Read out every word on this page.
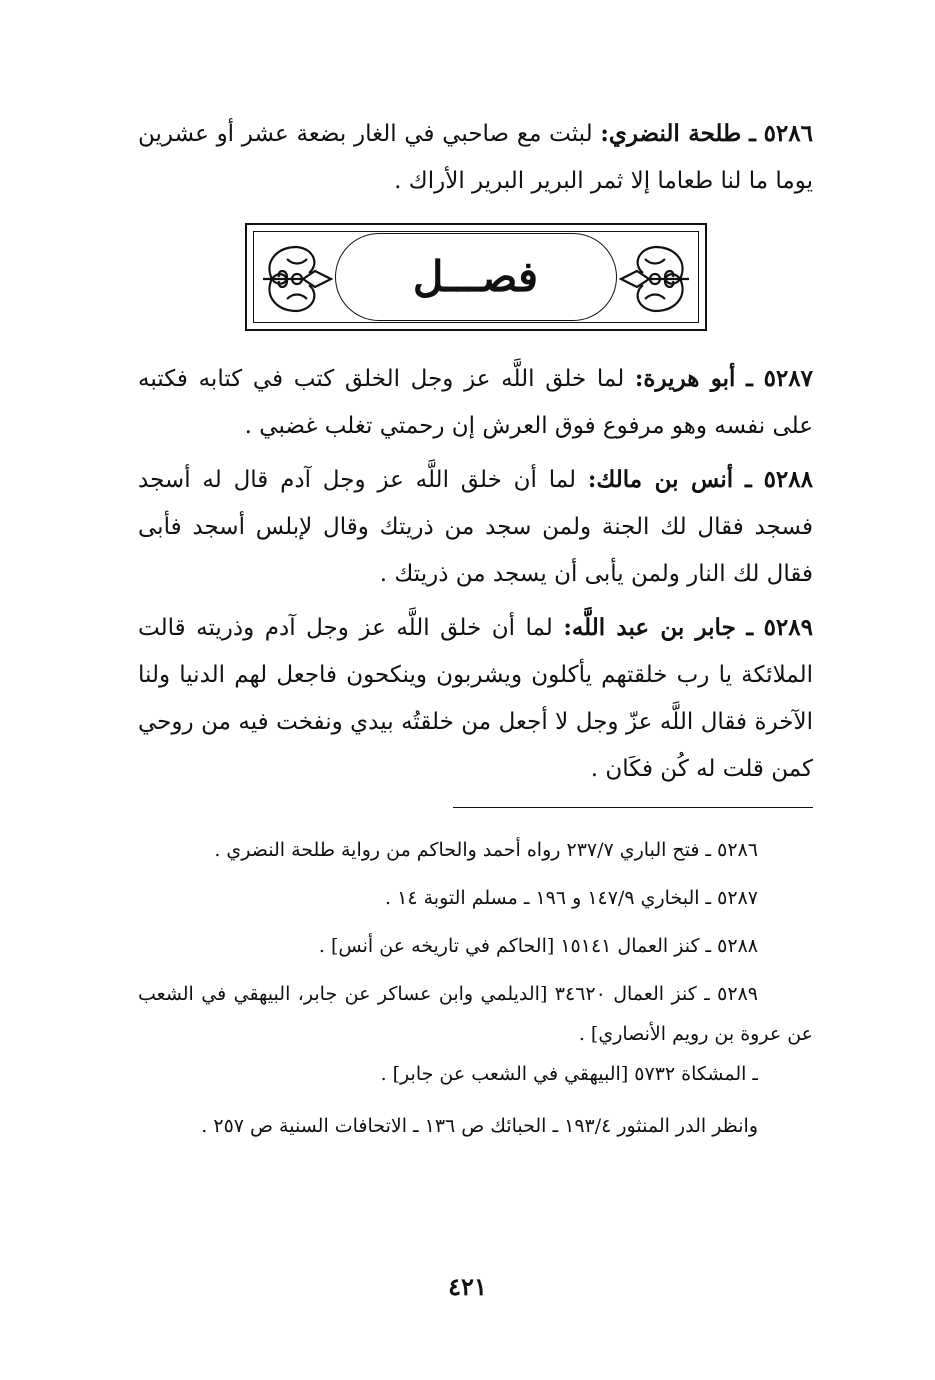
٥٢٨٦ ـ طلحة النضري: لبثت مع صاحبي في الغار بضعة عشر أو عشرين يوما ما لنا طعاما إلا ثمر البرير البرير الأراك .

فصـــل

٥٢٨٧ ـ أبو هريرة: لما خلق اللَّه عز وجل الخلق كتب في كتابه فكتبه على نفسه وهو مرفوع فوق العرش إن رحمتي تغلب غضبي .

٥٢٨٨ ـ أنس بن مالك: لما أن خلق اللَّه عز وجل آدم قال له أسجد فسجد فقال لك الجنة ولمن سجد من ذريتك وقال لإبلس أسجد فأبى فقال لك النار ولمن يأبى أن يسجد من ذريتك .

٥٢٨٩ ـ جابر بن عبد اللَّه: لما أن خلق اللَّه عز وجل آدم وذريته قالت الملائكة يا رب خلقتهم يأكلون ويشربون وينكحون فاجعل لهم الدنيا ولنا الآخرة فقال اللَّه عزّ وجل لا أجعل من خلقتُه بيدي ونفخت فيه من روحي كمن قلت له كُن فكَان .

٥٢٨٦ ـ فتح الباري ٢٣٧/٧ رواه أحمد والحاكم من رواية طلحة النضري .

٥٢٨٧ ـ البخاري ١٤٧/٩ و ١٩٦ ـ مسلم التوبة ١٤ .

٥٢٨٨ ـ كنز العمال ١٥١٤١ [الحاكم في تاريخه عن أنس] .

٥٢٨٩ ـ كنز العمال ٣٤٦٢٠ [الديلمي وابن عساكر عن جابر، البيهقي في الشعب عن عروة بن رويم الأنصاري] .

ـ المشكاة ٥٧٣٢ [البيهقي في الشعب عن جابر] .

وانظر الدر المنثور ١٩٣/٤ ـ الحبائك ص ١٣٦ ـ الاتحافات السنية ص ٢٥٧ .

٤٢١
